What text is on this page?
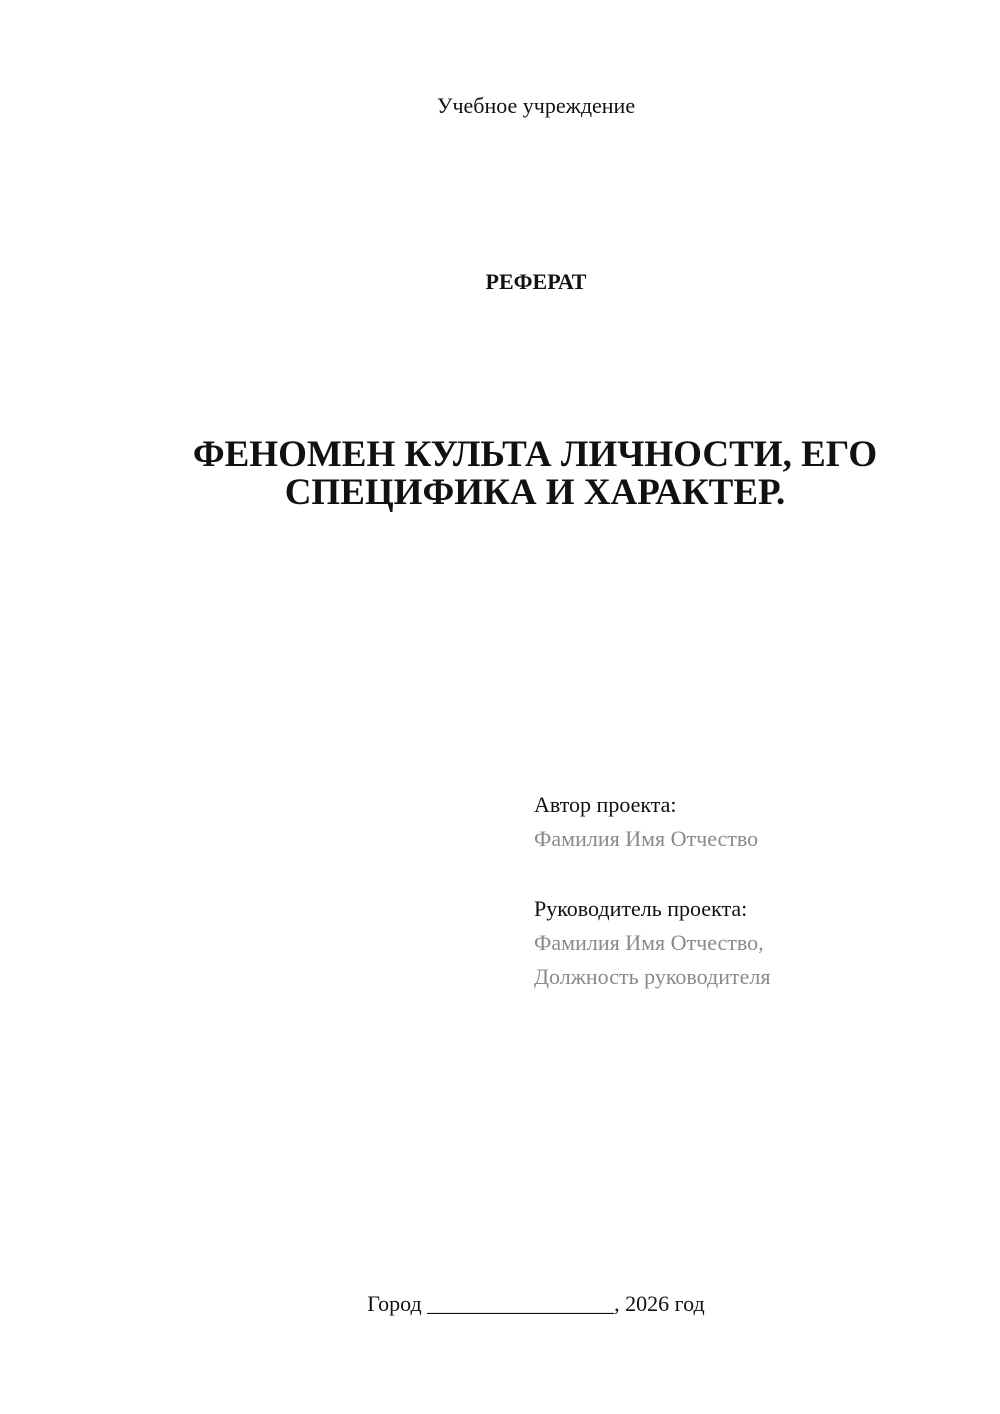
Учебное учреждение
РЕФЕРАТ
ФЕНОМЕН КУЛЬТА ЛИЧНОСТИ, ЕГО
СПЕЦИФИКА И ХАРАКТЕР.
Автор проекта:
Фамилия Имя Отчество
Руководитель проекта:
Фамилия Имя Отчество,
Должность руководителя
Город _________________, 2026 год
